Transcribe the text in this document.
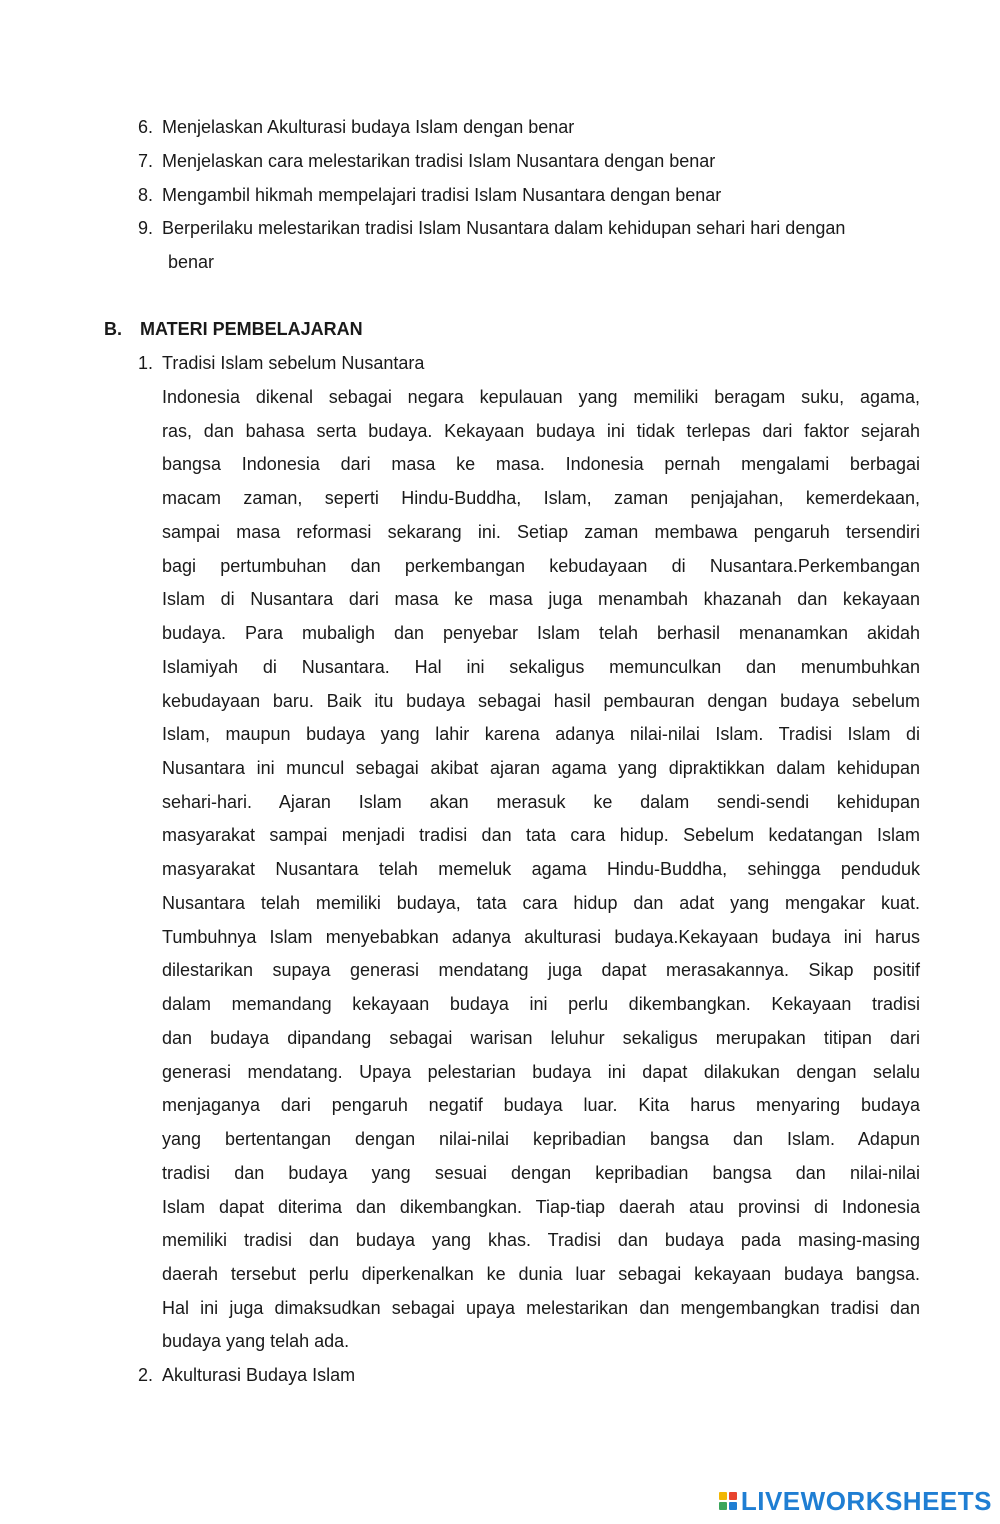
6. Menjelaskan Akulturasi budaya Islam dengan benar
7. Menjelaskan cara melestarikan tradisi Islam Nusantara dengan benar
8. Mengambil hikmah mempelajari tradisi Islam Nusantara dengan benar
9. Berperilaku melestarikan tradisi Islam Nusantara dalam kehidupan sehari hari dengan
benar
B. MATERI PEMBELAJARAN
1. Tradisi Islam sebelum Nusantara
Indonesia dikenal sebagai negara kepulauan yang memiliki beragam suku, agama,
ras, dan bahasa serta budaya. Kekayaan budaya ini tidak terlepas dari faktor sejarah
bangsa Indonesia dari masa ke masa. Indonesia pernah mengalami berbagai
macam zaman, seperti Hindu-Buddha, Islam, zaman penjajahan, kemerdekaan,
sampai masa reformasi sekarang ini. Setiap zaman membawa pengaruh tersendiri
bagi pertumbuhan dan perkembangan kebudayaan di Nusantara.Perkembangan
Islam di Nusantara dari masa ke masa juga menambah khazanah dan kekayaan
budaya. Para mubaligh dan penyebar Islam telah berhasil menanamkan akidah
Islamiyah di Nusantara. Hal ini sekaligus memunculkan dan menumbuhkan
kebudayaan baru. Baik itu budaya sebagai hasil pembauran dengan budaya sebelum
Islam, maupun budaya yang lahir karena adanya nilai-nilai Islam. Tradisi Islam di
Nusantara ini muncul sebagai akibat ajaran agama yang dipraktikkan dalam kehidupan
sehari-hari. Ajaran Islam akan merasuk ke dalam sendi-sendi kehidupan
masyarakat sampai menjadi tradisi dan tata cara hidup. Sebelum kedatangan Islam
masyarakat Nusantara telah memeluk agama Hindu-Buddha, sehingga penduduk
Nusantara telah memiliki budaya, tata cara hidup dan adat yang mengakar kuat.
Tumbuhnya Islam menyebabkan adanya akulturasi budaya.Kekayaan budaya ini harus
dilestarikan supaya generasi mendatang juga dapat merasakannya. Sikap positif
dalam memandang kekayaan budaya ini perlu dikembangkan. Kekayaan tradisi
dan budaya dipandang sebagai warisan leluhur sekaligus merupakan titipan dari
generasi mendatang. Upaya pelestarian budaya ini dapat dilakukan dengan selalu
menjaganya dari pengaruh negatif budaya luar. Kita harus menyaring budaya
yang bertentangan dengan nilai-nilai kepribadian bangsa dan Islam. Adapun
tradisi dan budaya yang sesuai dengan kepribadian bangsa dan nilai-nilai
Islam dapat diterima dan dikembangkan. Tiap-tiap daerah atau provinsi di Indonesia
memiliki tradisi dan budaya yang khas. Tradisi dan budaya pada masing-masing
daerah tersebut perlu diperkenalkan ke dunia luar sebagai kekayaan budaya bangsa.
Hal ini juga dimaksudkan sebagai upaya melestarikan dan mengembangkan tradisi dan
budaya yang telah ada.
2. Akulturasi Budaya Islam
LIVEWORKSHEETS
